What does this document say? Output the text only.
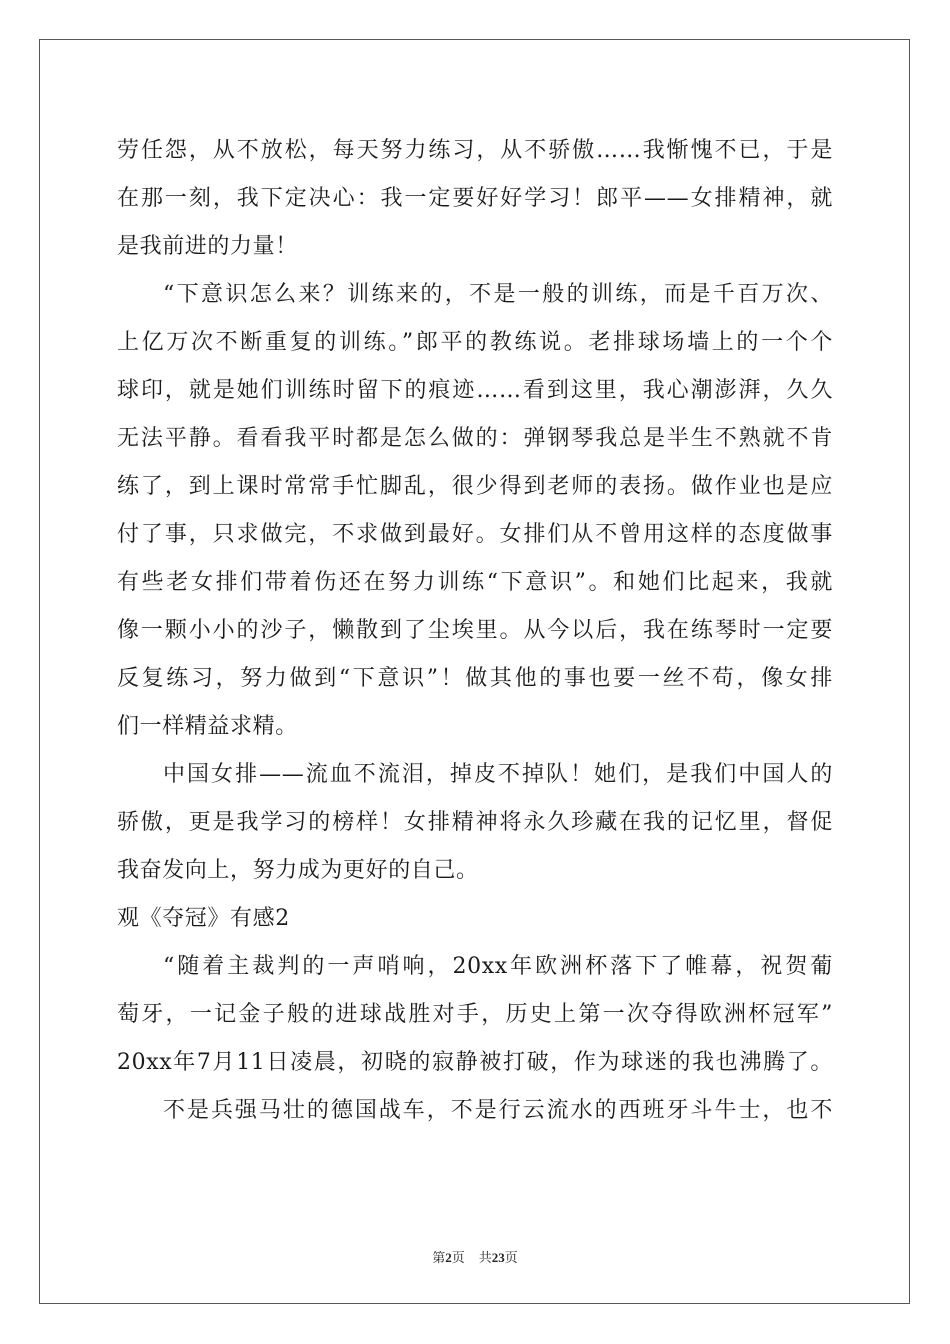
劳任怨，从不放松，每天努力练习，从不骄傲……我惭愧不已，于是
在那一刻，我下定决心：我一定要好好学习！郎平——女排精神，就
是我前进的力量！
“下意识怎么来？训练来的，不是一般的训练，而是千百万次、
上亿万次不断重复的训练。”郎平的教练说。老排球场墙上的一个个
球印，就是她们训练时留下的痕迹……看到这里，我心潮澎湃，久久
无法平静。看看我平时都是怎么做的：弹钢琴我总是半生不熟就不肯
练了，到上课时常常手忙脚乱，很少得到老师的表扬。做作业也是应
付了事，只求做完，不求做到最好。女排们从不曾用这样的态度做事
有些老女排们带着伤还在努力训练“下意识”。和她们比起来，我就
像一颗小小的沙子，懒散到了尘埃里。从今以后，我在练琴时一定要
反复练习，努力做到“下意识”！做其他的事也要一丝不苟，像女排
们一样精益求精。
中国女排——流血不流泪，掉皮不掉队！她们，是我们中国人的
骄傲，更是我学习的榜样！女排精神将永久珍藏在我的记忆里，督促
我奋发向上，努力成为更好的自己。
观《夺冠》有感2
“随着主裁判的一声哨响，20xx年欧洲杯落下了帷幕，祝贺葡
萄牙，一记金子般的进球战胜对手，历史上第一次夺得欧洲杯冠军”
20xx年7月11日凌晨，初晓的寂静被打破，作为球迷的我也沸腾了。
不是兵强马壮的德国战车，不是行云流水的西班牙斗牛士，也不
第2页 共23页
